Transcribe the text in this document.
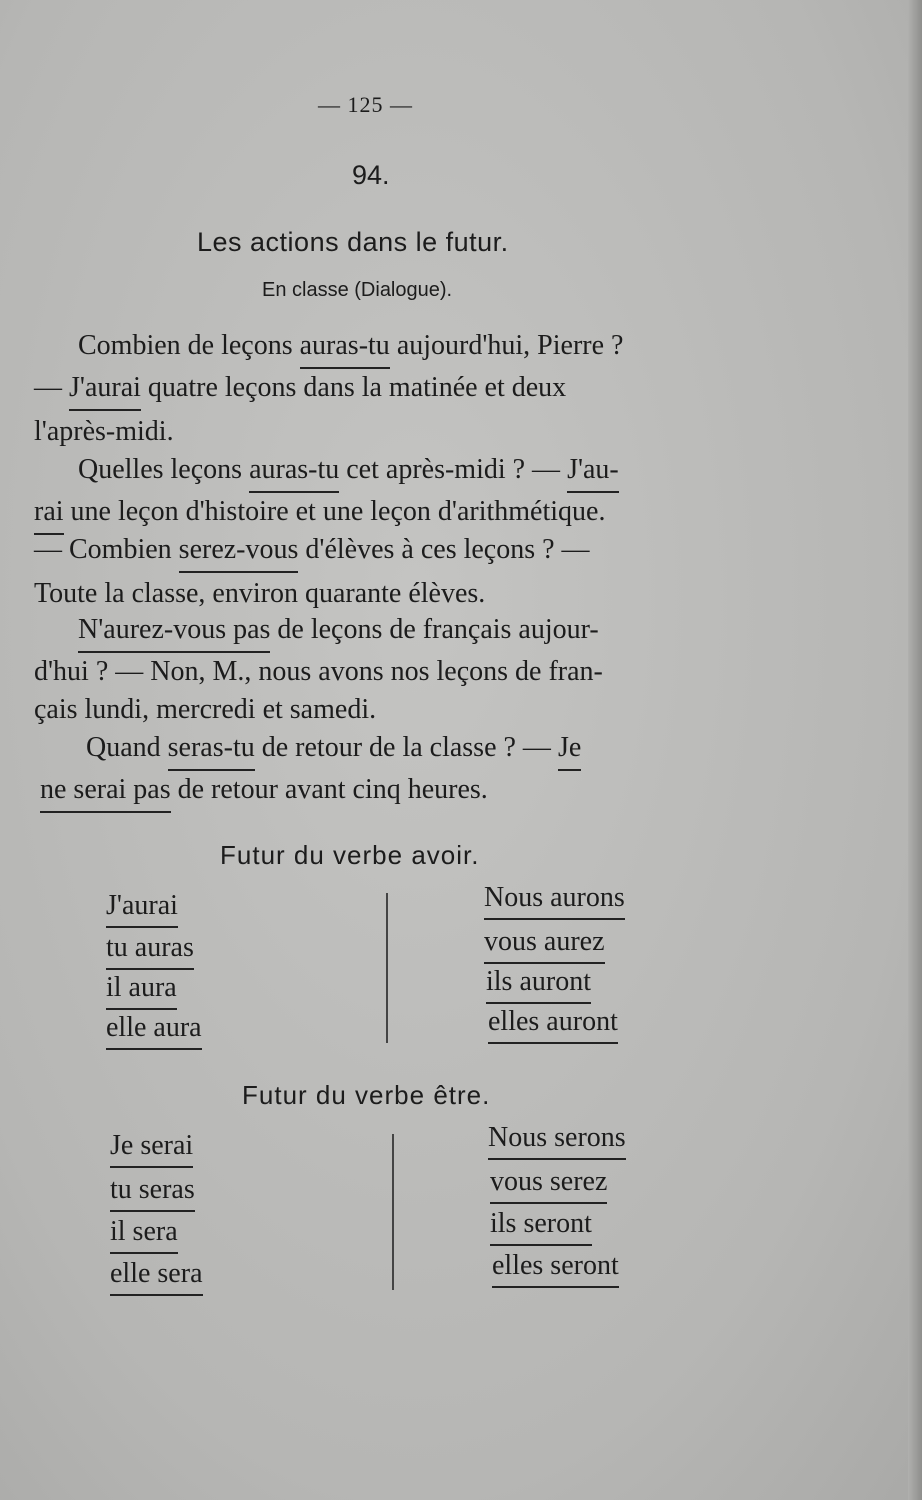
— 125 —
94.
Les actions dans le futur.
En classe (Dialogue).
Combien de leçons auras-tu aujourd'hui, Pierre ?
— J'aurai quatre leçons dans la matinée et deux
l'après-midi.
Quelles leçons auras-tu cet après-midi ? — J'au-
rai une leçon d'histoire et une leçon d'arithmétique.
— Combien serez-vous d'élèves à ces leçons ? —
Toute la classe, environ quarante élèves.
N'aurez-vous pas de leçons de français aujour-
d'hui ? — Non, M., nous avons nos leçons de fran-
çais lundi, mercredi et samedi.
Quand seras-tu de retour de la classe ? — Je
ne serai pas de retour avant cinq heures.
Futur du verbe avoir.
J'aurai
tu auras
il aura
elle aura
Nous aurons
vous aurez
ils auront
elles auront
Futur du verbe être.
Je serai
tu seras
il sera
elle sera
Nous serons
vous serez
ils seront
elles seront
